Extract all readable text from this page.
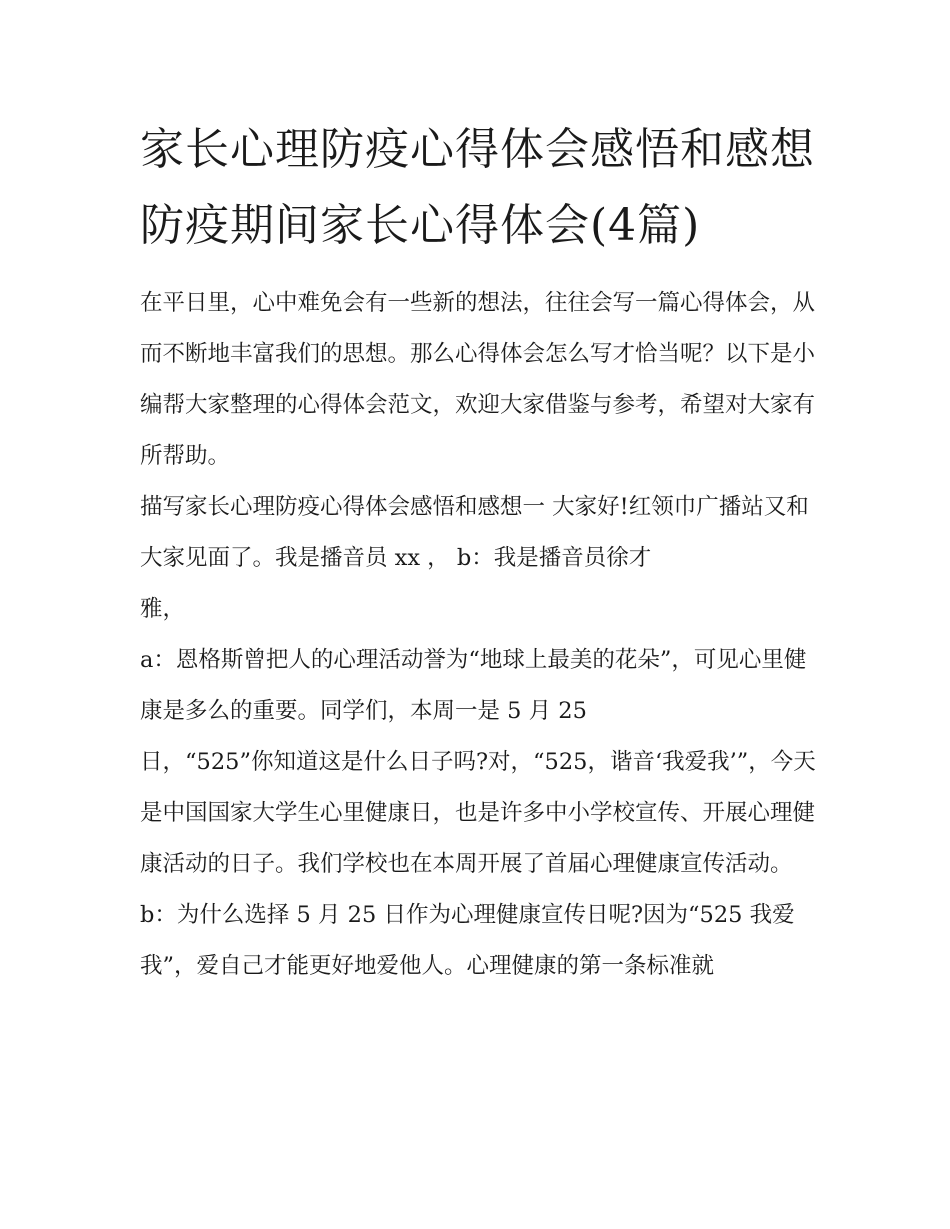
家长心理防疫心得体会感悟和感想 防疫期间家长心得体会(4篇)

在平日里，心中难免会有一些新的想法，往往会写一篇心得体会，从而不断地丰富我们的思想。那么心得体会怎么写才恰当呢？以下是小编帮大家整理的心得体会范文，欢迎大家借鉴与参考，希望对大家有所帮助。

描写家长心理防疫心得体会感悟和感想一 大家好!红领巾广播站又和大家见面了。我是播音员 xx ， b：我是播音员徐才
雅，

a：恩格斯曾把人的心理活动誉为“地球上最美的花朵”，可见心里健康是多么的重要。同学们，本周一是 5 月 25
日，“525”你知道这是什么日子吗?对，“525，谐音‘我爱我’”，今天是中国国家大学生心里健康日，也是许多中小学校宣传、开展心理健康活动的日子。我们学校也在本周开展了首届心理健康宣传活动。

b：为什么选择 5 月 25 日作为心理健康宣传日呢?因为“525 我爱我”，爱自己才能更好地爱他人。心理健康的第一条标准就
